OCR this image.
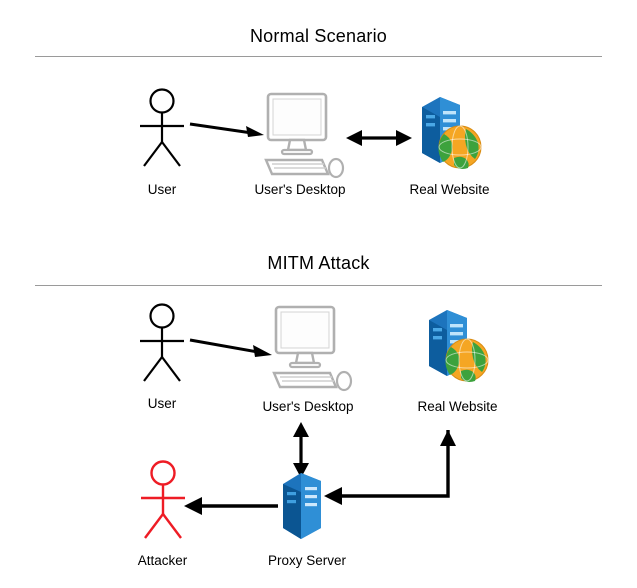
Normal Scenario
User	User's Desktop	Real Website
MITM Attack
User	User's Desktop	Real Website
Attacker	Proxy Server
